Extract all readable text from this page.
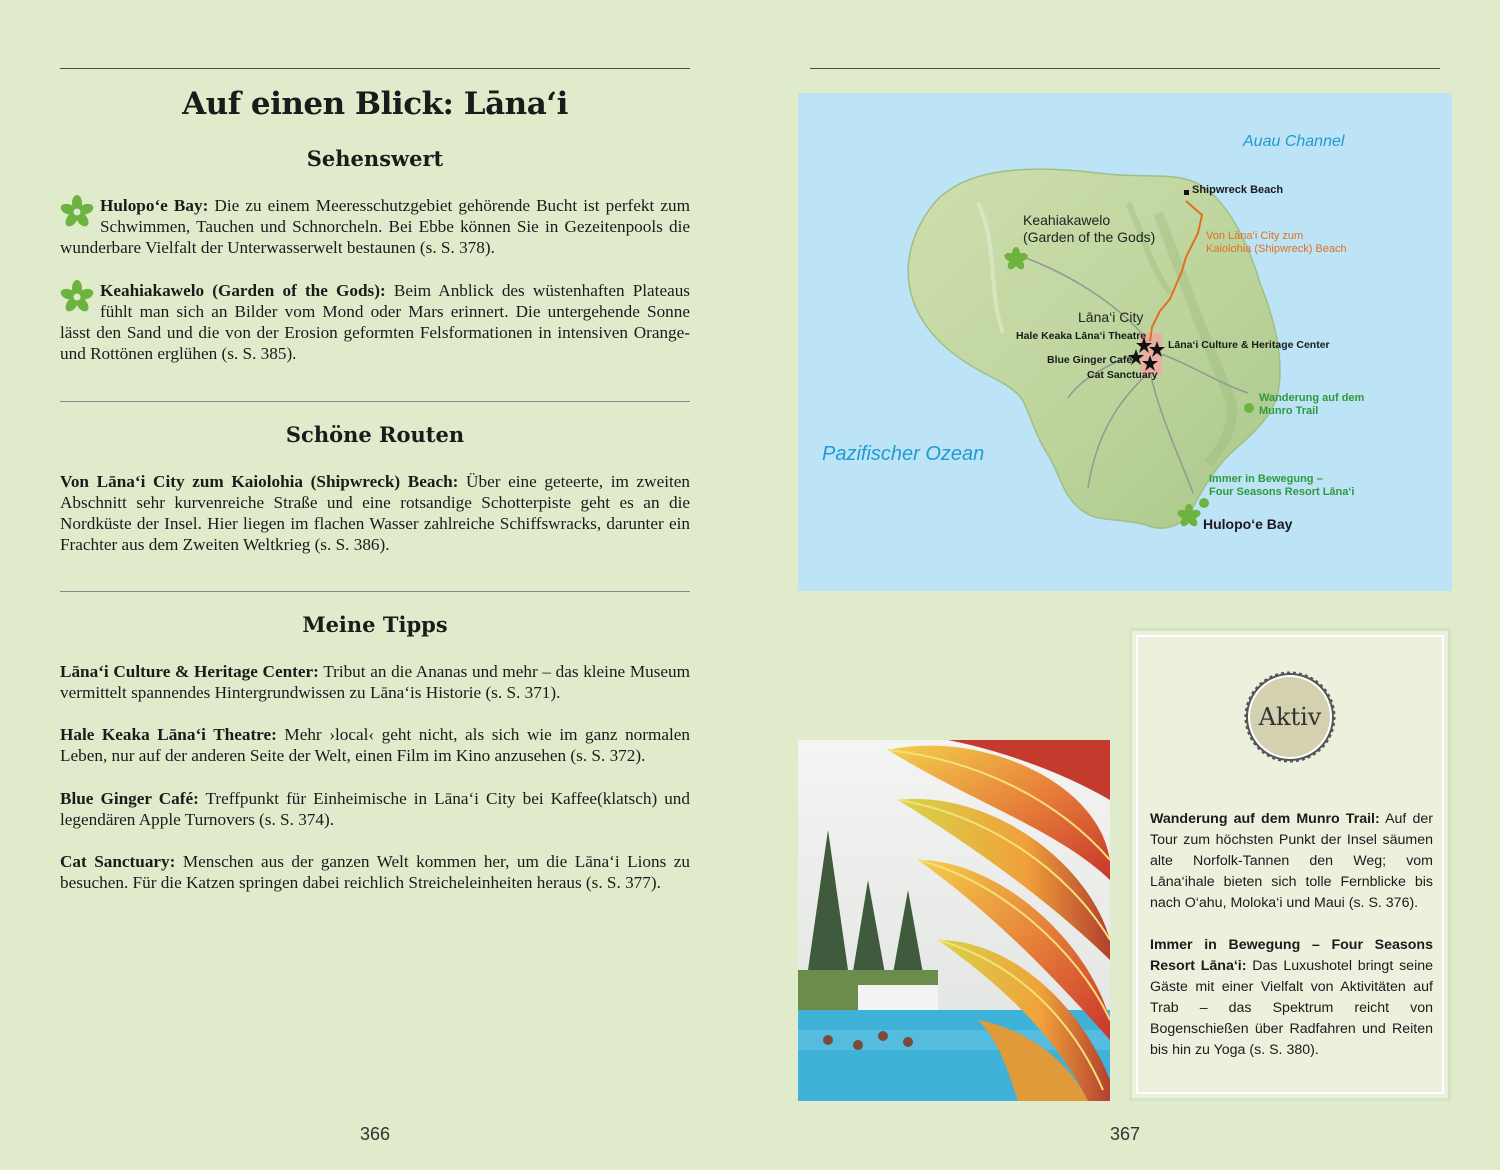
Auf einen Blick: Lāna‘i
Sehenswert
Hulopo‘e Bay: Die zu einem Meeresschutzgebiet gehörende Bucht ist perfekt zum Schwimmen, Tauchen und Schnorcheln. Bei Ebbe können Sie in Gezeitenpools die wunderbare Vielfalt der Unterwasserwelt bestaunen (s. S. 378).
Keahiakawelo (Garden of the Gods): Beim Anblick des wüstenhaften Plateaus fühlt man sich an Bilder vom Mond oder Mars erinnert. Die untergehende Sonne lässt den Sand und die von der Erosion geformten Felsformationen in intensiven Orange- und Rottönen erglühen (s. S. 385).
Schöne Routen
Von Lāna‘i City zum Kaiolohia (Shipwreck) Beach: Über eine geteerte, im zweiten Abschnitt sehr kurvenreiche Straße und eine rotsandige Schotterpiste geht es an die Nordküste der Insel. Hier liegen im flachen Wasser zahlreiche Schiffswracks, darunter ein Frachter aus dem Zweiten Weltkrieg (s. S. 386).
Meine Tipps
Lāna‘i Culture & Heritage Center: Tribut an die Ananas und mehr – das kleine Museum vermittelt spannendes Hintergrundwissen zu Lāna‘is Historie (s. S. 371).
Hale Keaka Lāna‘i Theatre: Mehr ›local‹ geht nicht, als sich wie im ganz normalen Leben, nur auf der anderen Seite der Welt, einen Film im Kino anzusehen (s. S. 372).
Blue Ginger Café: Treffpunkt für Einheimische in Lāna‘i City bei Kaffee(klatsch) und legendären Apple Turnovers (s. S. 374).
Cat Sanctuary: Menschen aus der ganzen Welt kommen her, um die Lāna‘i Lions zu besuchen. Für die Katzen springen dabei reichlich Streicheleinheiten heraus (s. S. 377).
366
Auau Channel
Pazifischer Ozean
Shipwreck Beach
Keahiakawelo
(Garden of the Gods)	Von Lāna‘i City zum
Kaiolohia (Shipwreck) Beach
Lāna‘i City
Hale Keaka Lāna‘i Theatre
Lāna‘i Culture & Heritage Center
Blue Ginger Café
Cat Sanctuary
Wanderung auf dem
Munro Trail
Immer in Bewegung –
Four Seasons Resort Lāna‘i
Hulopo‘e Bay
Aktiv

Wanderung auf dem Munro Trail: Auf der Tour zum höchsten Punkt der Insel säumen alte Norfolk-Tannen den Weg; vom Lāna‘ihale bieten sich tolle Fernblicke bis nach O‘ahu, Moloka‘i und Maui (s. S. 376).

Immer in Bewegung – Four Seasons Resort Lāna‘i: Das Luxushotel bringt seine Gäste mit einer Vielfalt von Aktivitäten auf Trab – das Spektrum reicht von Bogenschießen über Radfahren und Reiten bis hin zu Yoga (s. S. 380).

367
